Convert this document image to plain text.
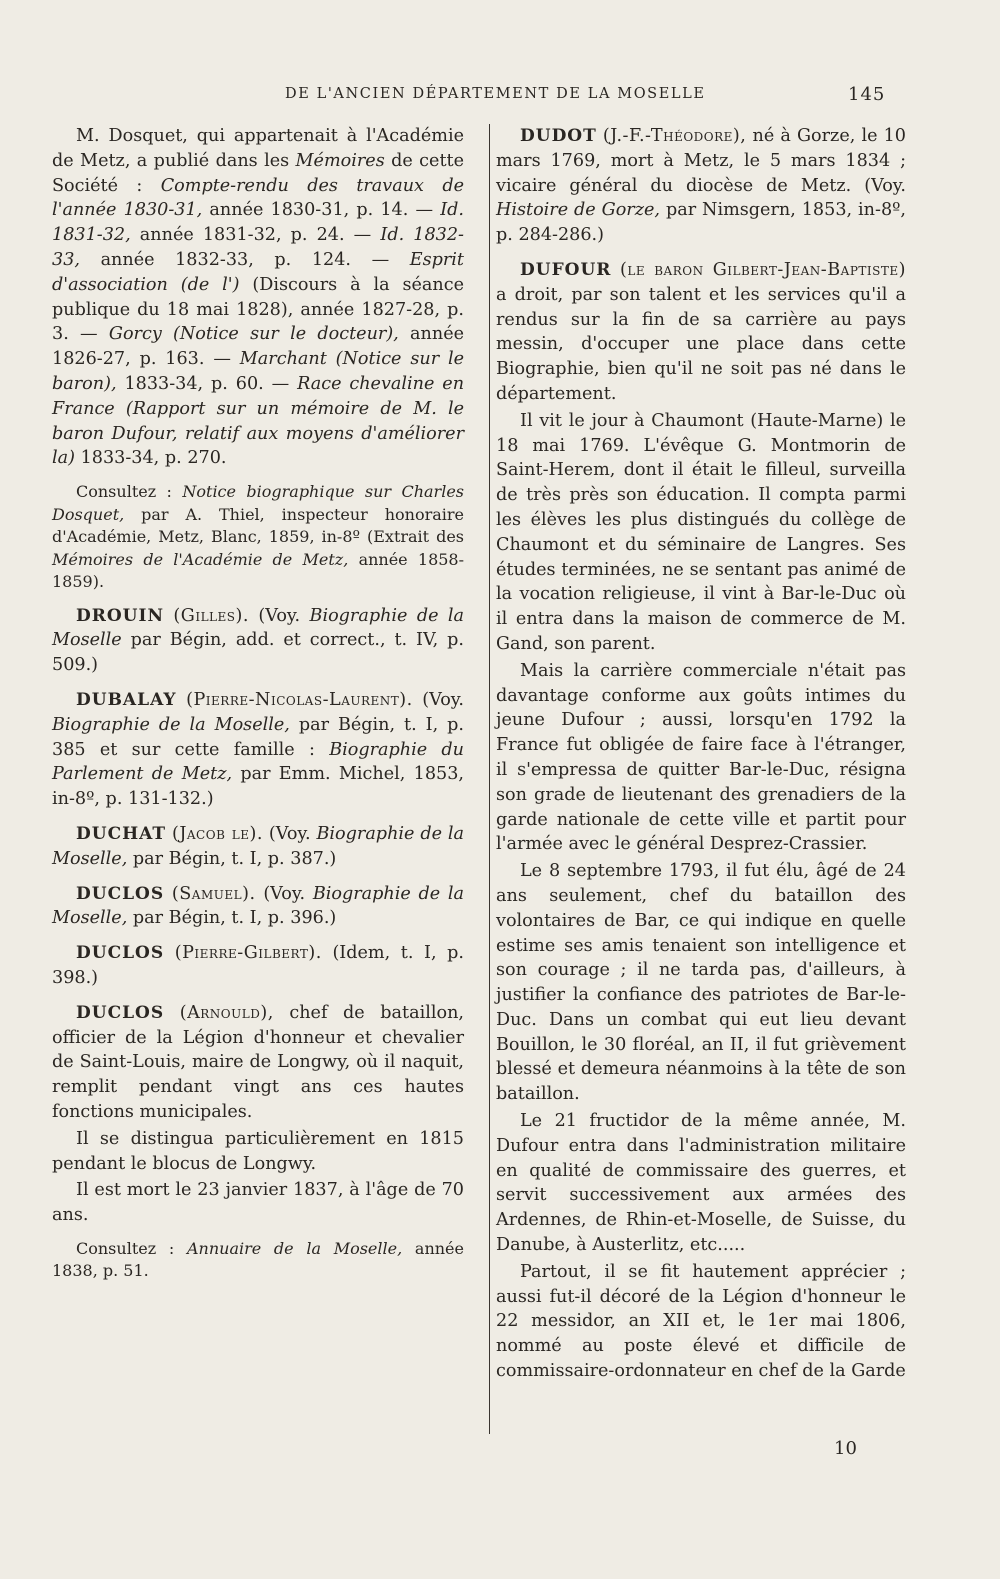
DE L'ANCIEN DÉPARTEMENT DE LA MOSELLE	145

M. Dosquet, qui appartenait à l'Académie de Metz, a publié dans les Mémoires de cette Société : Compte-rendu des travaux de l'année 1830-31, année 1830-31, p. 14. — Id. 1831-32, année 1831-32, p. 24. — Id. 1832-33, année 1832-33, p. 124. — Esprit d'association (de l') (Discours à la séance publique du 18 mai 1828), année 1827-28, p. 3. — Gorcy (Notice sur le docteur), année 1826-27, p. 163. — Marchant (Notice sur le baron), 1833-34, p. 60. — Race chevaline en France (Rapport sur un mémoire de M. le baron Dufour, relatif aux moyens d'améliorer la) 1833-34, p. 270.

Consultez : Notice biographique sur Charles Dosquet, par A. Thiel, inspecteur honoraire d'Académie, Metz, Blanc, 1859, in-8º (Extrait des Mémoires de l'Académie de Metz, année 1858-1859).

DROUIN (Gilles). (Voy. Biographie de la Moselle par Bégin, add. et correct., t. IV, p. 509.)

DUBALAY (Pierre-Nicolas-Laurent). (Voy. Biographie de la Moselle, par Bégin, t. I, p. 385 et sur cette famille : Biographie du Parlement de Metz, par Emm. Michel, 1853, in-8º, p. 131-132.)

DUCHAT (Jacob le). (Voy. Biographie de la Moselle, par Bégin, t. I, p. 387.)

DUCLOS (Samuel). (Voy. Biographie de la Moselle, par Bégin, t. I, p. 396.)

DUCLOS (Pierre-Gilbert). (Idem, t. I, p. 398.)

DUCLOS (Arnould), chef de bataillon, officier de la Légion d'honneur et chevalier de Saint-Louis, maire de Longwy, où il naquit, remplit pendant vingt ans ces hautes fonctions municipales.

Il se distingua particulièrement en 1815 pendant le blocus de Longwy.

Il est mort le 23 janvier 1837, à l'âge de 70 ans.

Consultez : Annuaire de la Moselle, année 1838, p. 51.

DUDOT (J.-F.-Théodore), né à Gorze, le 10 mars 1769, mort à Metz, le 5 mars 1834 ; vicaire général du diocèse de Metz. (Voy. Histoire de Gorze, par Nimsgern, 1853, in-8º, p. 284-286.)

DUFOUR (le baron Gilbert-Jean-Baptiste) a droit, par son talent et les services qu'il a rendus sur la fin de sa carrière au pays messin, d'occuper une place dans cette Biographie, bien qu'il ne soit pas né dans le département.

Il vit le jour à Chaumont (Haute-Marne) le 18 mai 1769. L'évêque G. Montmorin de Saint-Herem, dont il était le filleul, surveilla de très près son éducation. Il compta parmi les élèves les plus distingués du collège de Chaumont et du séminaire de Langres. Ses études terminées, ne se sentant pas animé de la vocation religieuse, il vint à Bar-le-Duc où il entra dans la maison de commerce de M. Gand, son parent.

Mais la carrière commerciale n'était pas davantage conforme aux goûts intimes du jeune Dufour ; aussi, lorsqu'en 1792 la France fut obligée de faire face à l'étranger, il s'empressa de quitter Bar-le-Duc, résigna son grade de lieutenant des grenadiers de la garde nationale de cette ville et partit pour l'armée avec le général Desprez-Crassier.

Le 8 septembre 1793, il fut élu, âgé de 24 ans seulement, chef du bataillon des volontaires de Bar, ce qui indique en quelle estime ses amis tenaient son intelligence et son courage ; il ne tarda pas, d'ailleurs, à justifier la confiance des patriotes de Bar-le-Duc. Dans un combat qui eut lieu devant Bouillon, le 30 floréal, an II, il fut grièvement blessé et demeura néanmoins à la tête de son bataillon.

Le 21 fructidor de la même année, M. Dufour entra dans l'administration militaire en qualité de commissaire des guerres, et servit successivement aux armées des Ardennes, de Rhin-et-Moselle, de Suisse, du Danube, à Austerlitz, etc.....

Partout, il se fit hautement apprécier ; aussi fut-il décoré de la Légion d'honneur le 22 messidor, an XII et, le 1er mai 1806, nommé au poste élevé et difficile de commissaire-ordonnateur en chef de la Garde

10
